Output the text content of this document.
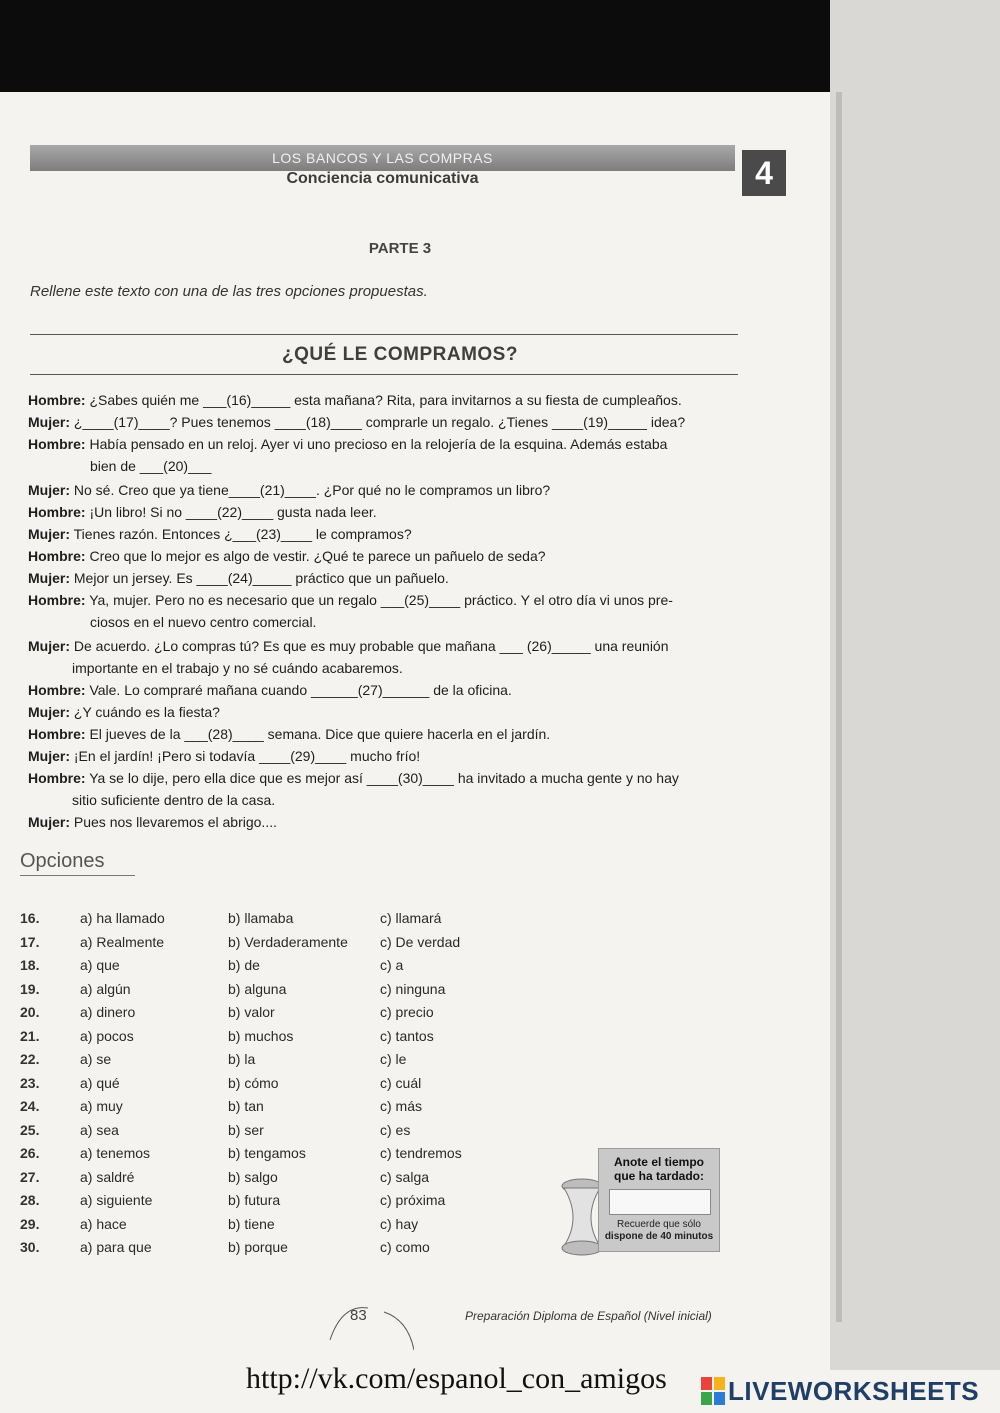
LOS BANCOS Y LAS COMPRAS
Conciencia comunicativa	4
PARTE 3
Rellene este texto con una de las tres opciones propuestas.
¿QUÉ LE COMPRAMOS?
Hombre: ¿Sabes quién me ___(16)_____ esta mañana? Rita, para invitarnos a su fiesta de cumpleaños.
Mujer: ¿____(17)____? Pues tenemos ____(18)____ comprarle un regalo. ¿Tienes ____(19)_____ idea?
Hombre: Había pensado en un reloj. Ayer vi uno precioso en la relojería de la esquina. Además estaba
bien de ___(20)___
Mujer: No sé. Creo que ya tiene____(21)____. ¿Por qué no le compramos un libro?
Hombre: ¡Un libro! Si no ____(22)____ gusta nada leer.
Mujer: Tienes razón. Entonces ¿___(23)____ le compramos?
Hombre: Creo que lo mejor es algo de vestir. ¿Qué te parece un pañuelo de seda?
Mujer: Mejor un jersey. Es ____(24)_____ práctico que un pañuelo.
Hombre: Ya, mujer. Pero no es necesario que un regalo ___(25)____ práctico. Y el otro día vi unos pre-
ciosos en el nuevo centro comercial.
Mujer: De acuerdo. ¿Lo compras tú? Es que es muy probable que mañana ___ (26)_____ una reunión
importante en el trabajo y no sé cuándo acabaremos.
Hombre: Vale. Lo compraré mañana cuando ______(27)______ de la oficina.
Mujer: ¿Y cuándo es la fiesta?
Hombre: El jueves de la ___(28)____ semana. Dice que quiere hacerla en el jardín.
Mujer: ¡En el jardín! ¡Pero si todavía ____(29)____ mucho frío!
Hombre: Ya se lo dije, pero ella dice que es mejor así ____(30)____ ha invitado a mucha gente y no hay
sitio suficiente dentro de la casa.
Mujer: Pues nos llevaremos el abrigo....
Opciones
16.	a) ha llamado	b) llamaba	c) llamará
17.	a) Realmente	b) Verdaderamente c) De verdad
18.	a) que	b) de	c) a
19.	a) algún	b) alguna	c) ninguna
20.	a) dinero	b) valor	c) precio
21.	a) pocos	b) muchos	c) tantos
22.	a) se	b) la	c) le
23.	a) qué	b) cómo	c) cuál
24.	a) muy	b) tan	c) más
25.	a) sea	b) ser	c) es
26.	a) tenemos	b) tengamos	c) tendremos
27.	a) saldré	b) salgo	c) salga
28.	a) siguiente	b) futura	c) próxima
29.	a) hace	b) tiene	c) hay
30.	a) para que	b) porque	c) como
Anote el tiempo
que ha tardado:
Recuerde que sólo
dispone de 40 minutos
83	Preparación Diploma de Español (Nivel inicial)
http://vk.com/espanol_con_amigos LIVEWORKSHEETS
